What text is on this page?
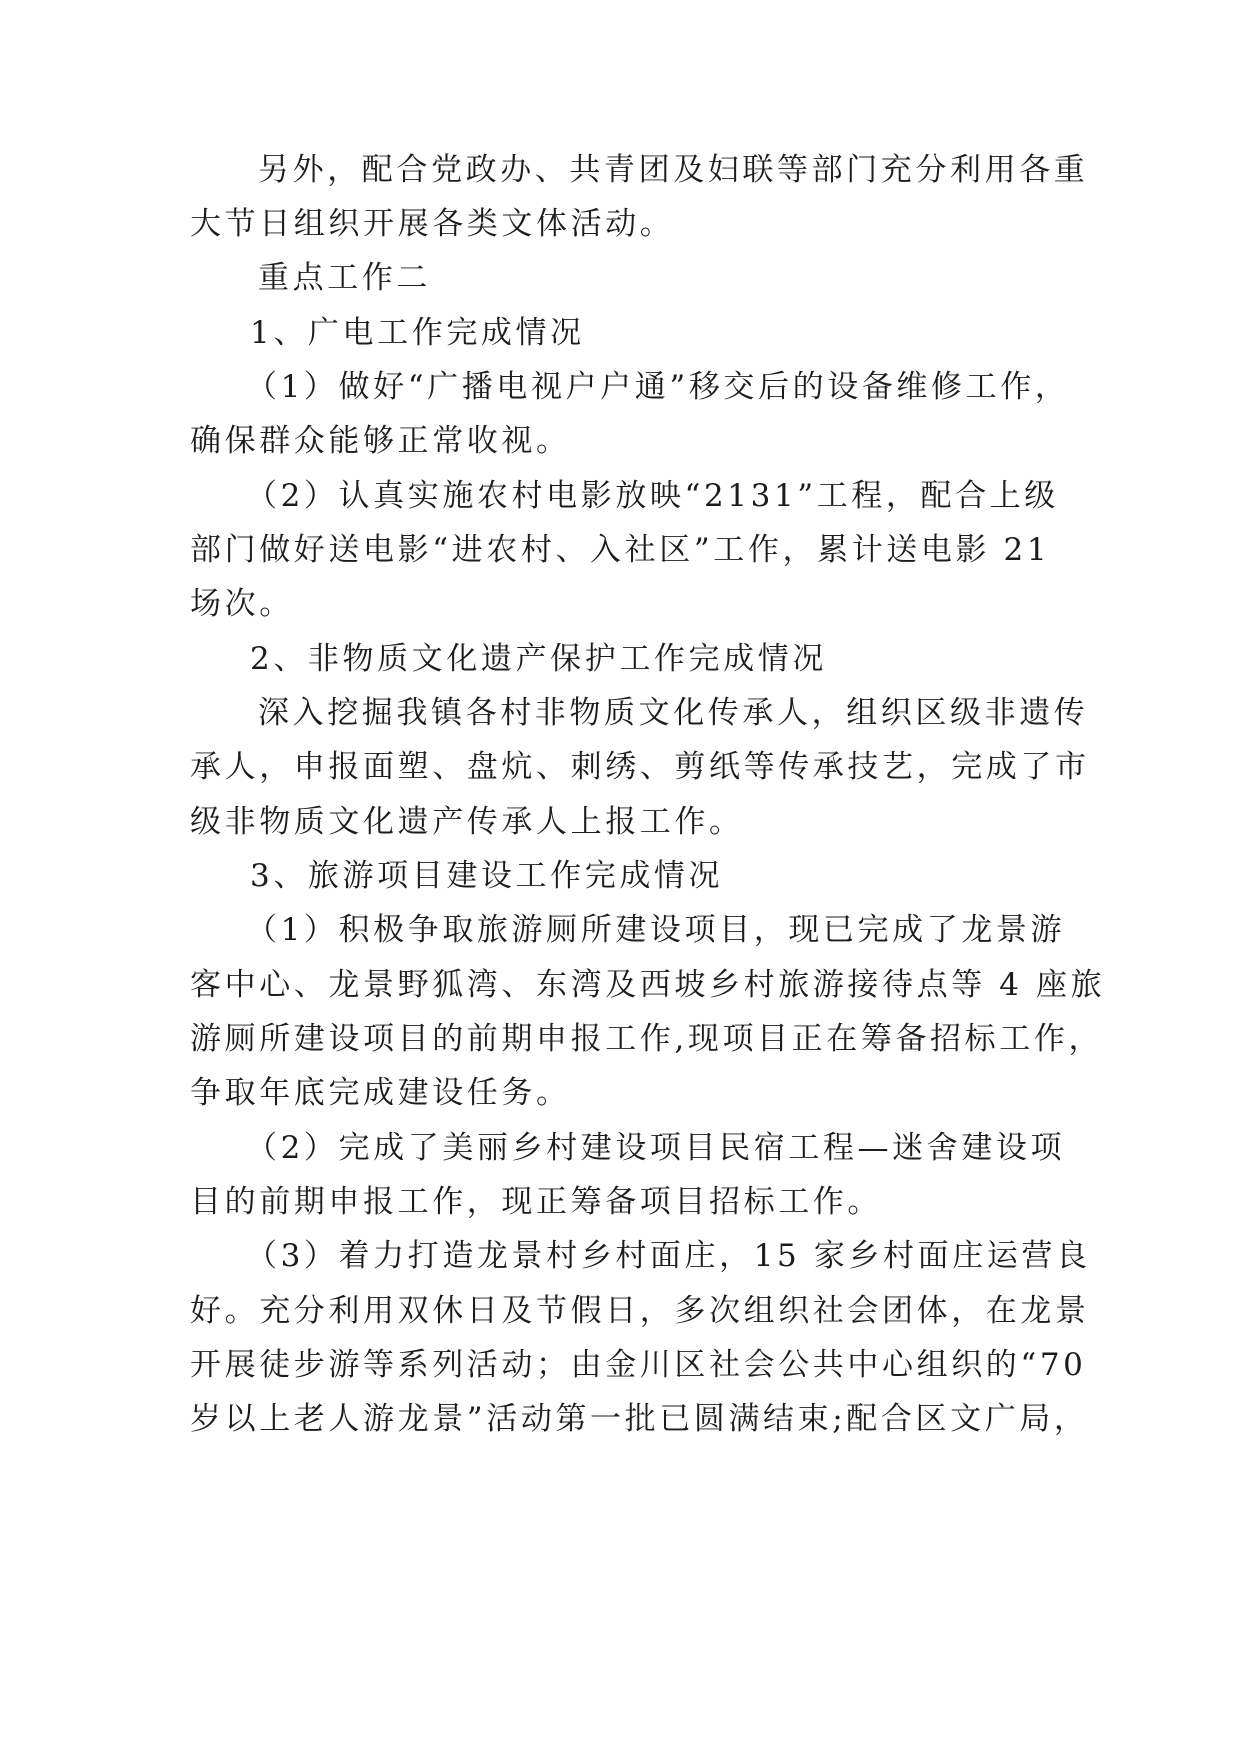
另外，配合党政办、共青团及妇联等部门充分利用各重
大节日组织开展各类文体活动。
重点工作二
1、广电工作完成情况
（1）做好“广播电视户户通”移交后的设备维修工作，
确保群众能够正常收视。
（2）认真实施农村电影放映“2131”工程，配合上级
部门做好送电影“进农村、入社区”工作，累计送电影 21
场次。
2、非物质文化遗产保护工作完成情况
深入挖掘我镇各村非物质文化传承人，组织区级非遗传
承人，申报面塑、盘炕、刺绣、剪纸等传承技艺，完成了市
级非物质文化遗产传承人上报工作。
3、旅游项目建设工作完成情况
（1）积极争取旅游厕所建设项目，现已完成了龙景游
客中心、龙景野狐湾、东湾及西坡乡村旅游接待点等 4 座旅
游厕所建设项目的前期申报工作,现项目正在筹备招标工作，
争取年底完成建设任务。
（2）完成了美丽乡村建设项目民宿工程—迷舍建设项
目的前期申报工作，现正筹备项目招标工作。
（3）着力打造龙景村乡村面庄，15 家乡村面庄运营良
好。充分利用双休日及节假日，多次组织社会团体，在龙景
开展徒步游等系列活动；由金川区社会公共中心组织的“70
岁以上老人游龙景”活动第一批已圆满结束;配合区文广局，
